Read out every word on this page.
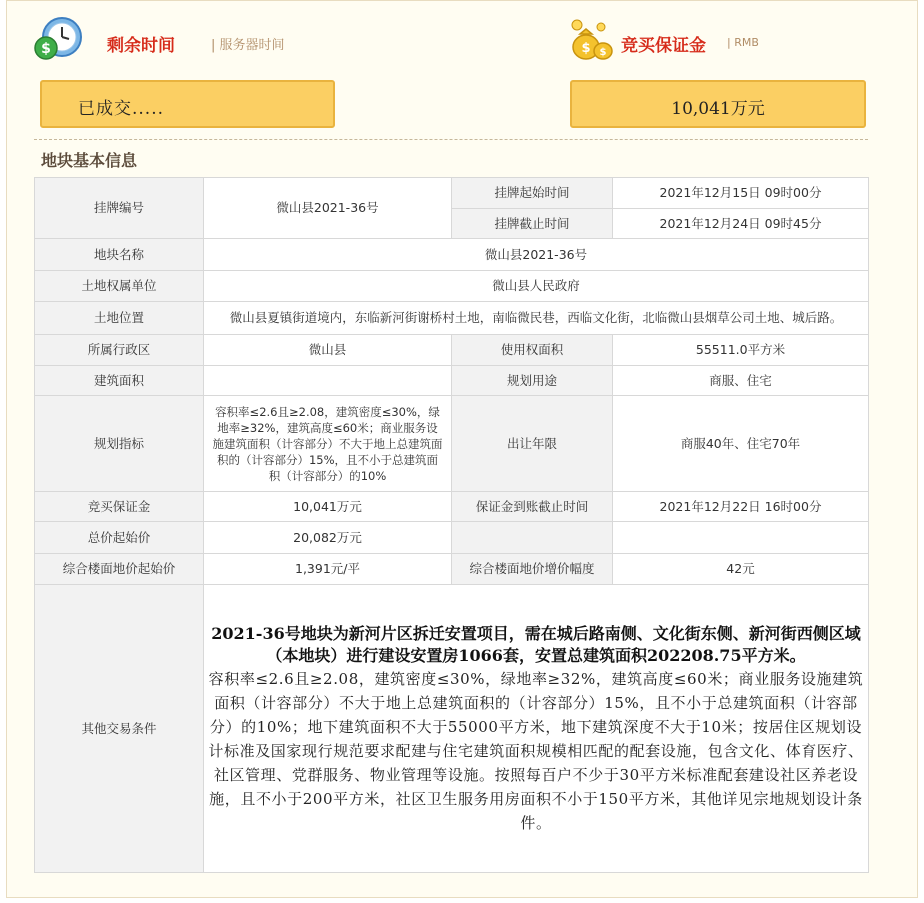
$	剩余时间	| 服务器时间	$ $ 竞买保证金 | RMB
已成交.....	10,041万元
地块基本信息
挂牌编号	微山县2021-36号	挂牌起始时间	2021年12月15日 09时00分
		挂牌截止时间	2021年12月24日 09时45分
地块名称	微山县2021-36号		
土地权属单位	微山县人民政府		
土地位置	微山县夏镇街道境内，东临新河街谢桥村土地，南临微民巷，西临文化街，北临微山县烟草公司土地、城后路。		
所属行政区	微山县	使用权面积	55511.0平方米
建筑面积		规划用途	商服、住宅
规划指标	容积率≤2.6且≥2.08，建筑密度≤30%，绿地率≥32%，建筑高度≤60米；商业服务设施建筑面积（计容部分）不大于地上总建筑面积的（计容部分）15%，且不小于总建筑面积（计容部分）的10%	出让年限	商服40年、住宅70年
竞买保证金	10,041万元	保证金到账截止时间	2021年12月22日 16时00分
总价起始价	20,082万元		
综合楼面地价起始价	1,391元/平	综合楼面地价增价幅度	42元
其他交易条件	2021-36号地块为新河片区拆迁安置项目，需在城后路南侧、文化街东侧、新河街西侧区域（本地块）进行建设安置房1066套，安置总建筑面积202208.75平方米。
容积率≤2.6且≥2.08，建筑密度≤30%，绿地率≥32%，建筑高度≤60米；商业服务设施建筑面积（计容部分）不大于地上总建筑面积的（计容部分）15%，且不小于总建筑面积（计容部分）的10%；地下建筑面积不大于55000平方米，地下建筑深度不大于10米；按居住区规划设计标准及国家现行规范要求配建与住宅建筑面积规模相匹配的配套设施，包含文化、体育医疗、社区管理、党群服务、物业管理等设施。按照每百户不少于30平方米标准配套建设社区养老设施，且不小于200平方米，社区卫生服务用房面积不小于150平方米，其他详见宗地规划设计条件。		
